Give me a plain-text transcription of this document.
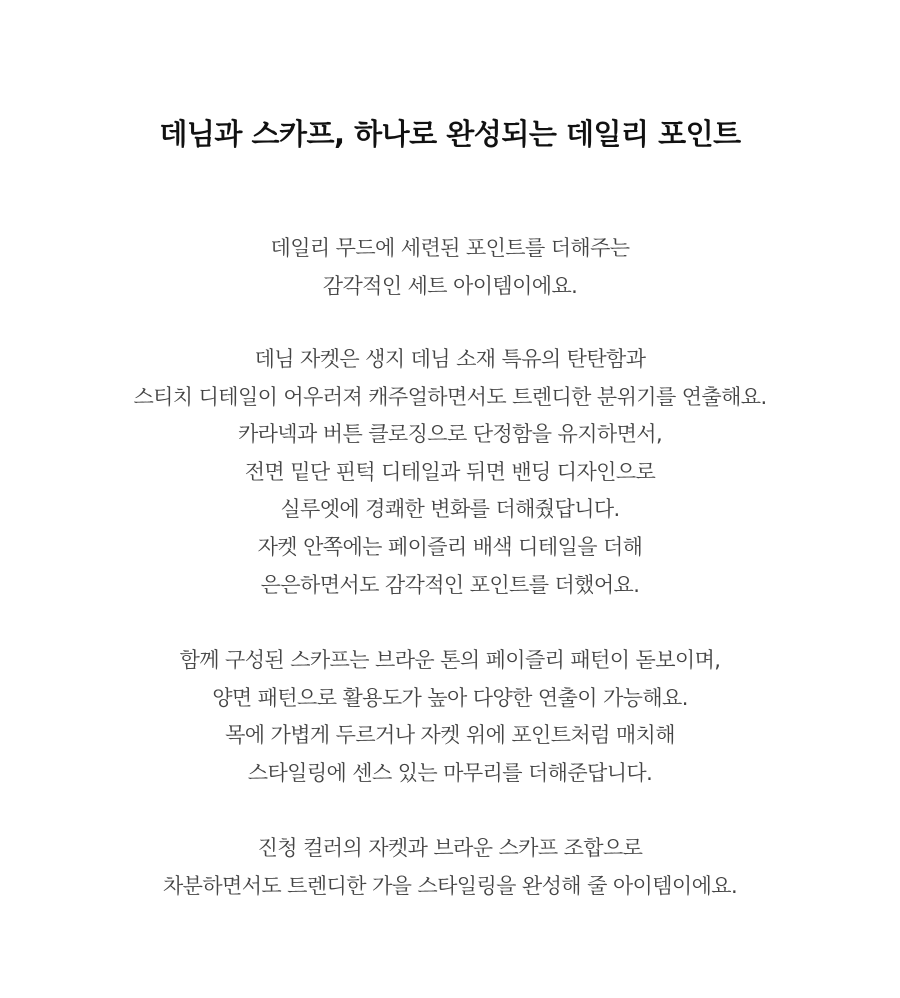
데님과 스카프, 하나로 완성되는 데일리 포인트

데일리 무드에 세련된 포인트를 더해주는
감각적인 세트 아이템이에요.

데님 자켓은 생지 데님 소재 특유의 탄탄함과
스티치 디테일이 어우러져 캐주얼하면서도 트렌디한 분위기를 연출해요.
카라넥과 버튼 클로징으로 단정함을 유지하면서,
전면 밑단 핀턱 디테일과 뒤면 밴딩 디자인으로
실루엣에 경쾌한 변화를 더해줬답니다.
자켓 안쪽에는 페이즐리 배색 디테일을 더해
은은하면서도 감각적인 포인트를 더했어요.

함께 구성된 스카프는 브라운 톤의 페이즐리 패턴이 돋보이며,
양면 패턴으로 활용도가 높아 다양한 연출이 가능해요.
목에 가볍게 두르거나 자켓 위에 포인트처럼 매치해
스타일링에 센스 있는 마무리를 더해준답니다.

진청 컬러의 자켓과 브라운 스카프 조합으로
차분하면서도 트렌디한 가을 스타일링을 완성해 줄 아이템이에요.
